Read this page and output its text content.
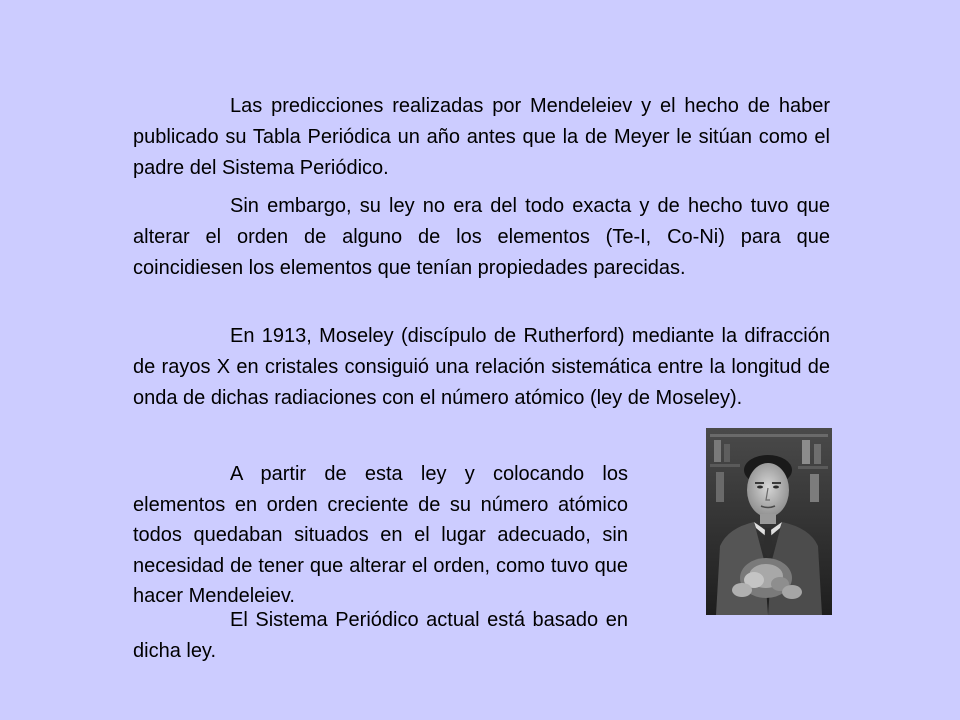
Las predicciones realizadas por Mendeleiev y el hecho de haber publicado su Tabla Periódica un año antes que la de Meyer le sitúan como el padre del Sistema Periódico.

Sin embargo, su ley no era del todo exacta y de hecho tuvo que alterar el orden de alguno de los elementos (Te-I, Co-Ni) para que coincidiesen los elementos que tenían propiedades parecidas.

En 1913, Moseley (discípulo de Rutherford) mediante la difracción de rayos X en cristales consiguió una relación sistemática entre la longitud de onda de dichas radiaciones con el número atómico (ley de Moseley).

A partir de esta ley y colocando los elementos en orden creciente de su número atómico todos quedaban situados en el lugar adecuado, sin necesidad de tener que alterar el orden, como tuvo que hacer Mendeleiev.

El Sistema Periódico actual está basado en dicha ley.
